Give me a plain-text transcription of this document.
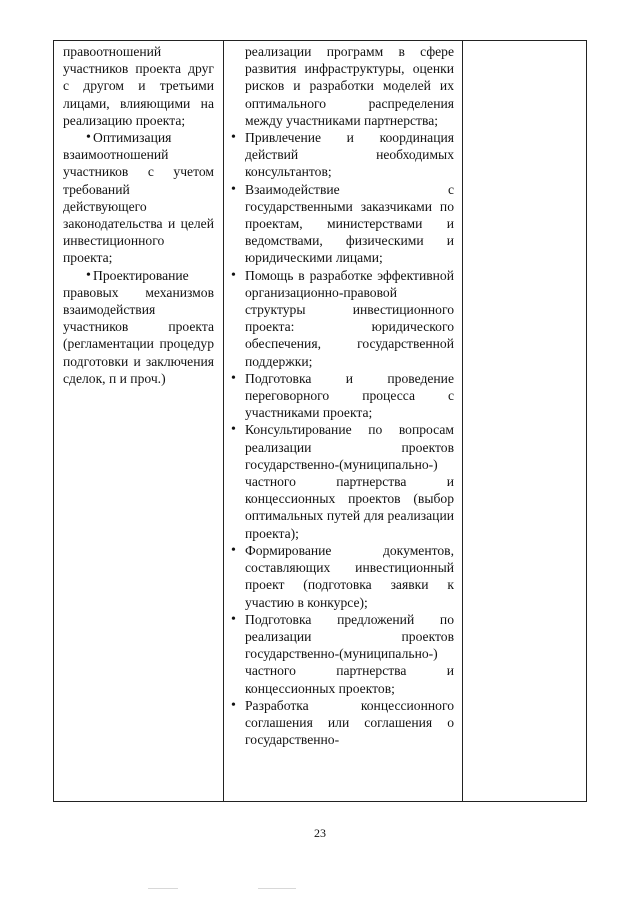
правоотношений участников проекта друг с другом и третьими лицами, влияющими на реализацию проекта;

• Оптимизация взаимоотношений участников с учетом требований действующего законодательства и целей инвестиционного проекта;

• Проектирование правовых механизмов взаимодействия участников проекта (регламентации процедур подготовки и заключения сделок, п и проч.)

реализации программ в сфере развития инфраструктуры, оценки рисков и разработки моделей их оптимального распределения между участниками партнерства;

• Привлечение и координация действий необходимых консультантов;

• Взаимодействие с государственными заказчиками по проектам, министерствами и ведомствами, физическими и юридическими лицами;

• Помощь в разработке эффективной организационно-правовой структуры инвестиционного проекта: юридического обеспечения, государственной поддержки;

• Подготовка и проведение переговорного процесса с участниками проекта;

• Консультирование по вопросам реализации проектов государственно-(муниципально-) частного партнерства и концессионных проектов (выбор оптимальных путей для реализации проекта);

• Формирование документов, составляющих инвестиционный проект (подготовка заявки к участию в конкурсе);

• Подготовка предложений по реализации проектов государственно-(муниципально-) частного партнерства и концессионных проектов;

• Разработка концессионного соглашения или соглашения о государственно-

23
